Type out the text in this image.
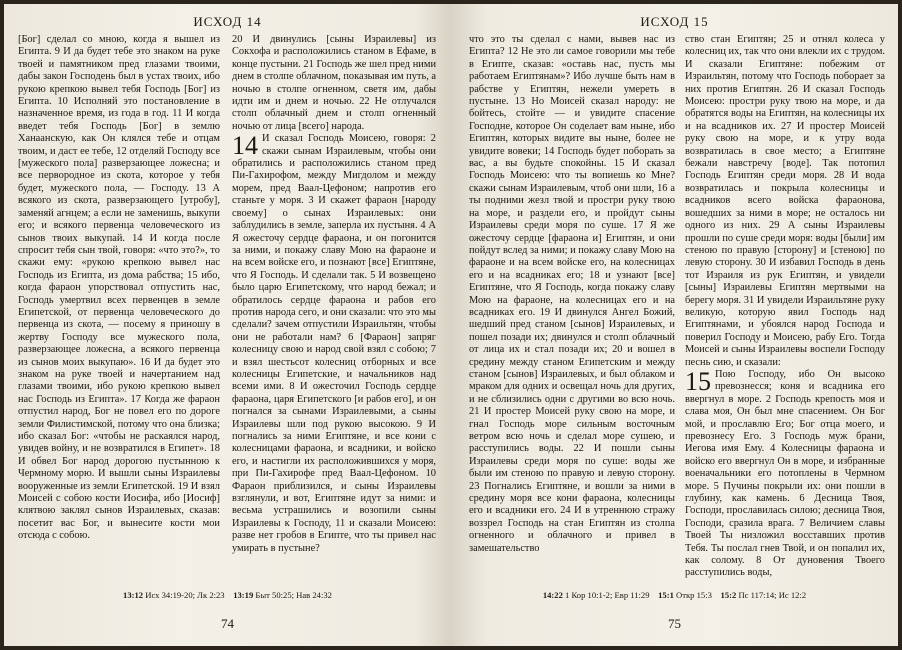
ИСХОД 14

[Бог] сделал со мною, когда я вышел из Египта. 9 И да будет тебе это знаком на руке твоей и памятником пред глазами твоими, дабы закон Господень был в устах твоих, ибо рукою крепкою вывел тебя Господь [Бог] из Египта. 10 Исполняй это постановление в назначенное время, из года в год. 11 И когда введет тебя Господь [Бог] в землю Ханаанскую, как Он клялся тебе и отцам твоим, и даст ее тебе, 12 отделяй Господу все [мужеского пола] разверзающее ложесна; и все первородное из скота, которое у тебя будет, мужеского пола, — Господу. 13 А всякого из скота, разверзающего [утробу], заменяй агнцем; а если не заменишь, выкупи его; и всякого первенца человеческого из сынов твоих выкупай. 14 И когда после спросит тебя сын твой, говоря: «что это?», то скажи ему: «рукою крепкою вывел нас Господь из Египта, из дома рабства; 15 ибо, когда фараон упорствовал отпустить нас, Господь умертвил всех первенцев в земле Египетской, от первенца человеческого до первенца из скота, — посему я приношу в жертву Господу все мужеского пола, разверзающее ложесна, а всякого первенца из сынов моих выкупаю». 16 И да будет это знаком на руке твоей и начертанием над глазами твоими, ибо рукою крепкою вывел нас Господь из Египта». 17 Когда же фараон отпустил народ, Бог не повел его по дороге земли Филистимской, потому что она близка; ибо сказал Бог: «чтобы не раскаялся народ, увидев войну, и не возвратился в Египет». 18 И обвел Бог народ дорогою пустынною к Чермному морю. И вышли сыны Израилевы вооруженные из земли Египетской. 19 И взял Моисей с собою кости Иосифа, ибо [Иосиф] клятвою заклял сынов Израилевых, сказав: посетит вас Бог, и вынесите кости мои отсюда с собою.

20 И двинулись [сыны Израилевы] из Сокхофа и расположились станом в Ефаме, в конце пустыни. 21 Господь же шел пред ними днем в столпе облачном, показывая им путь, а ночью в столпе огненном, светя им, дабы идти им и днем и ночью. 22 Не отлучался столп облачный днем и столп огненный ночью от лица [всего] народа.

14 И сказал Господь Моисею, говоря: 2 скажи сынам Израилевым, чтобы они обратились и расположились станом пред Пи-Гахирофом, между Мигдолом и между морем, пред Ваал-Цефоном; напротив его станьте у моря. 3 И скажет фараон [народу своему] о сынах Израилевых: они заблудились в земле, заперла их пустыня. 4 А Я ожесточу сердце фараона, и он погонится за ними, и покажу славу Мою на фараоне и на всем войске его, и познают [все] Египтяне, что Я Господь. И сделали так. 5 И возвещено было царю Египетскому, что народ бежал; и обратилось сердце фараона и рабов его против народа сего, и они сказали: что это мы сделали? зачем отпустили Израильтян, чтобы они не работали нам? 6 [Фараон] запряг колесницу свою и народ свой взял с собою; 7 и взял шестьсот колесниц отборных и все колесницы Египетские, и начальников над всеми ими. 8 И ожесточил Господь сердце фараона, царя Египетского [и рабов его], и он погнался за сынами Израилевыми, а сыны Израилевы шли под рукою высокою. 9 И погнались за ними Египтяне, и все кони с колесницами фараона, и всадники, и войско его, и настигли их расположившихся у моря, при Пи-Гахирофе пред Ваал-Цефоном. 10 Фараон приблизился, и сыны Израилевы взглянули, и вот, Египтяне идут за ними: и весьма устрашились и возопили сыны Израилевы к Господу, 11 и сказали Моисею: разве нет гробов в Египте, что ты привел нас умирать в пустыне?

13:12 Исх 34:19-20; Лк 2:23 13:19 Быт 50:25; Нав 24:32
74
ИСХОД 15

что это ты сделал с нами, вывев нас из Египта? 12 Не это ли самое говорили мы тебе в Египте, сказав: «оставь нас, пусть мы работаем Египтянам»? Ибо лучше быть нам в рабстве у Египтян, нежели умереть в пустыне. 13 Но Моисей сказал народу: не бойтесь, стойте — и увидите спасение Господне, которое Он соделает вам ныне, ибо Египтян, которых видите вы ныне, более не увидите вовеки; 14 Господь будет поборать за вас, а вы будьте спокойны. 15 И сказал Господь Моисею: что ты вопиешь ко Мне? скажи сынам Израилевым, чтоб они шли, 16 а ты подними жезл твой и простри руку твою на море, и раздели его, и пройдут сыны Израилевы среди моря по суше. 17 Я же ожесточу сердце [фараона и] Египтян, и они пойдут вслед за ними; и покажу славу Мою на фараоне и на всем войске его, на колесницах его и на всадниках его; 18 и узнают [все] Египтяне, что Я Господь, когда покажу славу Мою на фараоне, на колесницах его и на всадниках его. 19 И двинулся Ангел Божий, шедший пред станом [сынов] Израилевых, и пошел позади их; двинулся и столп облачный от лица их и стал позади их; 20 и вошел в средину между станом Египетским и между станом [сынов] Израилевых, и был облаком и мраком для одних и освещал ночь для других, и не сблизились одни с другими во всю ночь. 21 И простер Моисей руку свою на море, и гнал Господь море сильным восточным ветром всю ночь и сделал море сушею, и расступились воды. 22 И пошли сыны Израилевы среди моря по суше: воды же были им стеною по правую и левую сторону. 23 Погнались Египтяне, и вошли за ними в средину моря все кони фараона, колесницы его и всадники его. 24 И в утреннюю стражу воззрел Господь на стан Египтян из столпа огненного и облачного и привел в замешательство

ство стан Египтян; 25 и отнял колеса у колесниц их, так что они влекли их с трудом. И сказали Египтяне: побежим от Израильтян, потому что Господь поборает за них против Египтян. 26 И сказал Господь Моисею: простри руку твою на море, и да обратятся воды на Египтян, на колесницы их и на всадников их. 27 И простер Моисей руку свою на море, и к утру вода возвратилась в свое место; а Египтяне бежали навстречу [воде]. Так потопил Господь Египтян среди моря. 28 И вода возвратилась и покрыла колесницы и всадников всего войска фараонова, вошедших за ними в море; не осталось ни одного из них. 29 А сыны Израилевы прошли по суше среди моря: воды [были] им стеною по правую [сторону] и [стеною] по левую сторону. 30 И избавил Господь в день тот Израиля из рук Египтян, и увидели [сыны] Израилевы Египтян мертвыми на берегу моря. 31 И увидели Израильтяне руку великую, которую явил Господь над Египтянами, и убоялся народ Господа и поверил Господу и Моисею, рабу Его. Тогда Моисей и сыны Израилевы воспели Господу песнь сию, и сказали:

15 Пою Господу, ибо Он высоко превознесся; коня и всадника его ввергнул в море. 2 Господь крепость моя и слава моя, Он был мне спасением. Он Бог мой, и прославлю Его; Бог отца моего, и превознесу Его. 3 Господь муж брани, Иегова имя Ему. 4 Колесницы фараона и войско его ввергнул Он в море, и избранные военачальники его потоплены в Чермном море. 5 Пучины покрыли их: они пошли в глубину, как камень. 6 Десница Твоя, Господи, прославилась силою; десница Твоя, Господи, сразила врага. 7 Величием славы Твоей Ты низложил восставших против Тебя. Ты послал гнев Твой, и он попалил их, как солому. 8 От дуновения Твоего расступились воды,

14:22 1 Кор 10:1-2; Евр 11:29 15:1 Откр 15:3 15:2 Пс 117:14; Ис 12:2
75
